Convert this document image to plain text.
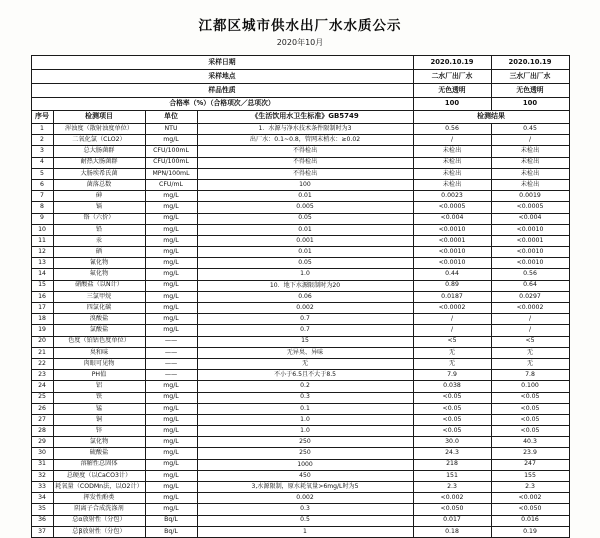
江都区城市供水出厂水水质公示
2020年10月
采样日期				2020.10.19	2020.10.19
采样地点				二水厂出厂水	三水厂出厂水
样品性质				无色透明	无色透明
合格率（%）（合格项次／总项次）				100	100
序号	检测项目	单位	《生活饮用水卫生标准》GB5749	检测结果	
1	浑浊度（散射浊度单位）	NTU	1．水源与净水技术条件限制时为3	0.56	0.45
2	二氧化氯（CLO2）	mg/L	出厂水：0.1~0.8，管网末梢水：≥0.02	/	/
3	总大肠菌群	CFU/100mL	不得检出	未检出	未检出
4	耐热大肠菌群	CFU/100mL	不得检出	未检出	未检出
5	大肠埃希氏菌	MPN/100mL	不得检出	未检出	未检出
6	菌落总数	CFU/mL	100	未检出	未检出
7	砷	mg/L	0.01	0.0023	0.0019
8	镉	mg/L	0.005	<0.0005	<0.0005
9	铬（六价）	mg/L	0.05	<0.004	<0.004
10	铅	mg/L	0.01	<0.0010	<0.0010
11	汞	mg/L	0.001	<0.0001	<0.0001
12	硒	mg/L	0.01	<0.0010	<0.0010
13	氰化物	mg/L	0.05	<0.0010	<0.0010
14	氟化物	mg/L	1.0	0.44	0.56
15	硝酸盐（以N计）	mg/L	10．地下水源限制时为20	0.89	0.64
16	三氯甲烷	mg/L	0.06	0.0187	0.0297
17	四氯化碳	mg/L	0.002	<0.0002	<0.0002
18	溴酸盐	mg/L	0.7	/	/
19	氯酸盐	mg/L	0.7	/	/
20	色度（铂钴色度单位）	——	15	<5	<5
21	臭和味	——	无异臭、异味	无	无
22	肉眼可见物	——	无	无	无
23	PH值	——	不小于6.5且不大于8.5	7.9	7.8
24	铝	mg/L	0.2	0.038	0.100
25	铁	mg/L	0.3	<0.05	<0.05
26	锰	mg/L	0.1	<0.05	<0.05
27	铜	mg/L	1.0	<0.05	<0.05
28	锌	mg/L	1.0	<0.05	<0.05
29	氯化物	mg/L	250	30.0	40.3
30	硫酸盐	mg/L	250	24.3	23.9
31	溶解性总固体	mg/L	1000	218	247
32	总硬度（以CaCO3计）	mg/L	450	151	155
33	耗氧量（CODMn法，以O2计）	mg/L	3,水源限制，原水耗氧量>6mg/L时为5	2.3	2.3
34	挥发性酚类	mg/L	0.002	<0.002	<0.002
35	阴离子合成洗涤剂	mg/L	0.3	<0.050	<0.050
36	总α放射性（分包）	Bq/L	0.5	0.017	0.016
37	总β放射性（分包）	Bq/L	1	0.18	0.19
